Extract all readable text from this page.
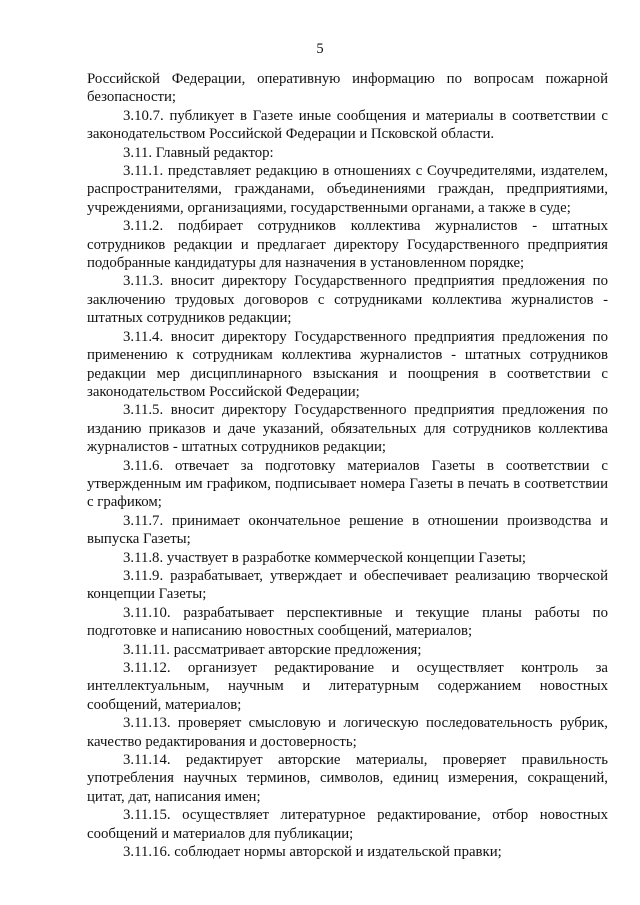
5

Российской Федерации, оперативную информацию по вопросам пожарной безопасности;

3.10.7. публикует в Газете иные сообщения и материалы в соответствии с законодательством Российской Федерации и Псковской области.

3.11. Главный редактор:

3.11.1. представляет редакцию в отношениях с Соучредителями, издателем, распространителями, гражданами, объединениями граждан, предприятиями, учреждениями, организациями, государственными органами, а также в суде;

3.11.2. подбирает сотрудников коллектива журналистов - штатных сотрудников редакции и предлагает директору Государственного предприятия подобранные кандидатуры для назначения в установленном порядке;

3.11.3. вносит директору Государственного предприятия предложения по заключению трудовых договоров с сотрудниками коллектива журналистов - штатных сотрудников редакции;

3.11.4. вносит директору Государственного предприятия предложения по применению к сотрудникам коллектива журналистов - штатных сотрудников редакции мер дисциплинарного взыскания и поощрения в соответствии с законодательством Российской Федерации;

3.11.5. вносит директору Государственного предприятия предложения по изданию приказов и даче указаний, обязательных для сотрудников коллектива журналистов - штатных сотрудников редакции;

3.11.6. отвечает за подготовку материалов Газеты в соответствии с утвержденным им графиком, подписывает номера Газеты в печать в соответствии с графиком;

3.11.7. принимает окончательное решение в отношении производства и выпуска Газеты;

3.11.8. участвует в разработке коммерческой концепции Газеты;

3.11.9. разрабатывает, утверждает и обеспечивает реализацию творческой концепции Газеты;

3.11.10. разрабатывает перспективные и текущие планы работы по подготовке и написанию новостных сообщений, материалов;

3.11.11. рассматривает авторские предложения;

3.11.12. организует редактирование и осуществляет контроль за интеллектуальным, научным и литературным содержанием новостных сообщений, материалов;

3.11.13. проверяет смысловую и логическую последовательность рубрик, качество редактирования и достоверность;

3.11.14. редактирует авторские материалы, проверяет правильность употребления научных терминов, символов, единиц измерения, сокращений, цитат, дат, написания имен;

3.11.15. осуществляет литературное редактирование, отбор новостных сообщений и материалов для публикации;

3.11.16. соблюдает нормы авторской и издательской правки;
